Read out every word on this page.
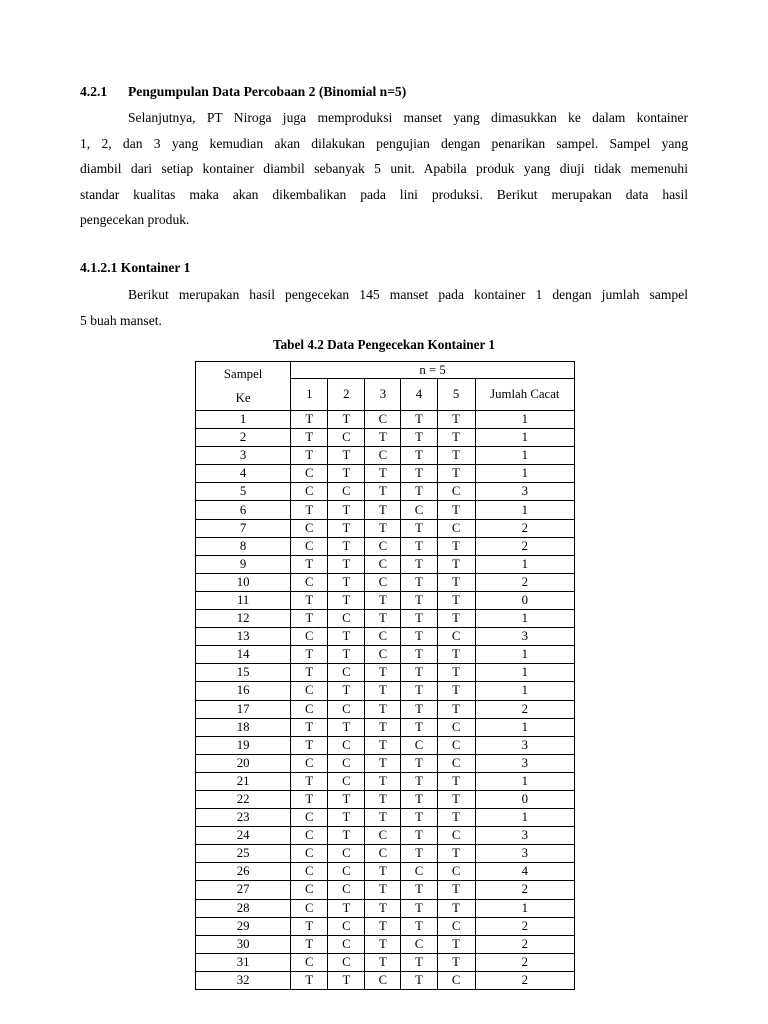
4.2.1 Pengumpulan Data Percobaan 2 (Binomial n=5)
Selanjutnya, PT Niroga juga memproduksi manset yang dimasukkan ke dalam kontainer
1, 2, dan 3 yang kemudian akan dilakukan pengujian dengan penarikan sampel. Sampel yang
diambil dari setiap kontainer diambil sebanyak 5 unit. Apabila produk yang diuji tidak memenuhi
standar kualitas maka akan dikembalikan pada lini produksi. Berikut merupakan data hasil
pengecekan produk.
4.1.2.1 Kontainer 1
Berikut merupakan hasil pengecekan 145 manset pada kontainer 1 dengan jumlah sampel
5 buah manset.
Tabel 4.2 Data Pengecekan Kontainer 1
Sampel
Ke	n = 5					
	1	2	3	4	5	Jumlah Cacat
1	T	T	C	T	T	1
2	T	C	T	T	T	1
3	T	T	C	T	T	1
4	C	T	T	T	T	1
5	C	C	T	T	C	3
6	T	T	T	C	T	1
7	C	T	T	T	C	2
8	C	T	C	T	T	2
9	T	T	C	T	T	1
10	C	T	C	T	T	2
11	T	T	T	T	T	0
12	T	C	T	T	T	1
13	C	T	C	T	C	3
14	T	T	C	T	T	1
15	T	C	T	T	T	1
16	C	T	T	T	T	1
17	C	C	T	T	T	2
18	T	T	T	T	C	1
19	T	C	T	C	C	3
20	C	C	T	T	C	3
21	T	C	T	T	T	1
22	T	T	T	T	T	0
23	C	T	T	T	T	1
24	C	T	C	T	C	3
25	C	C	C	T	T	3
26	C	C	T	C	C	4
27	C	C	T	T	T	2
28	C	T	T	T	T	1
29	T	C	T	T	C	2
30	T	C	T	C	T	2
31	C	C	T	T	T	2
32	T	T	C	T	C	2
